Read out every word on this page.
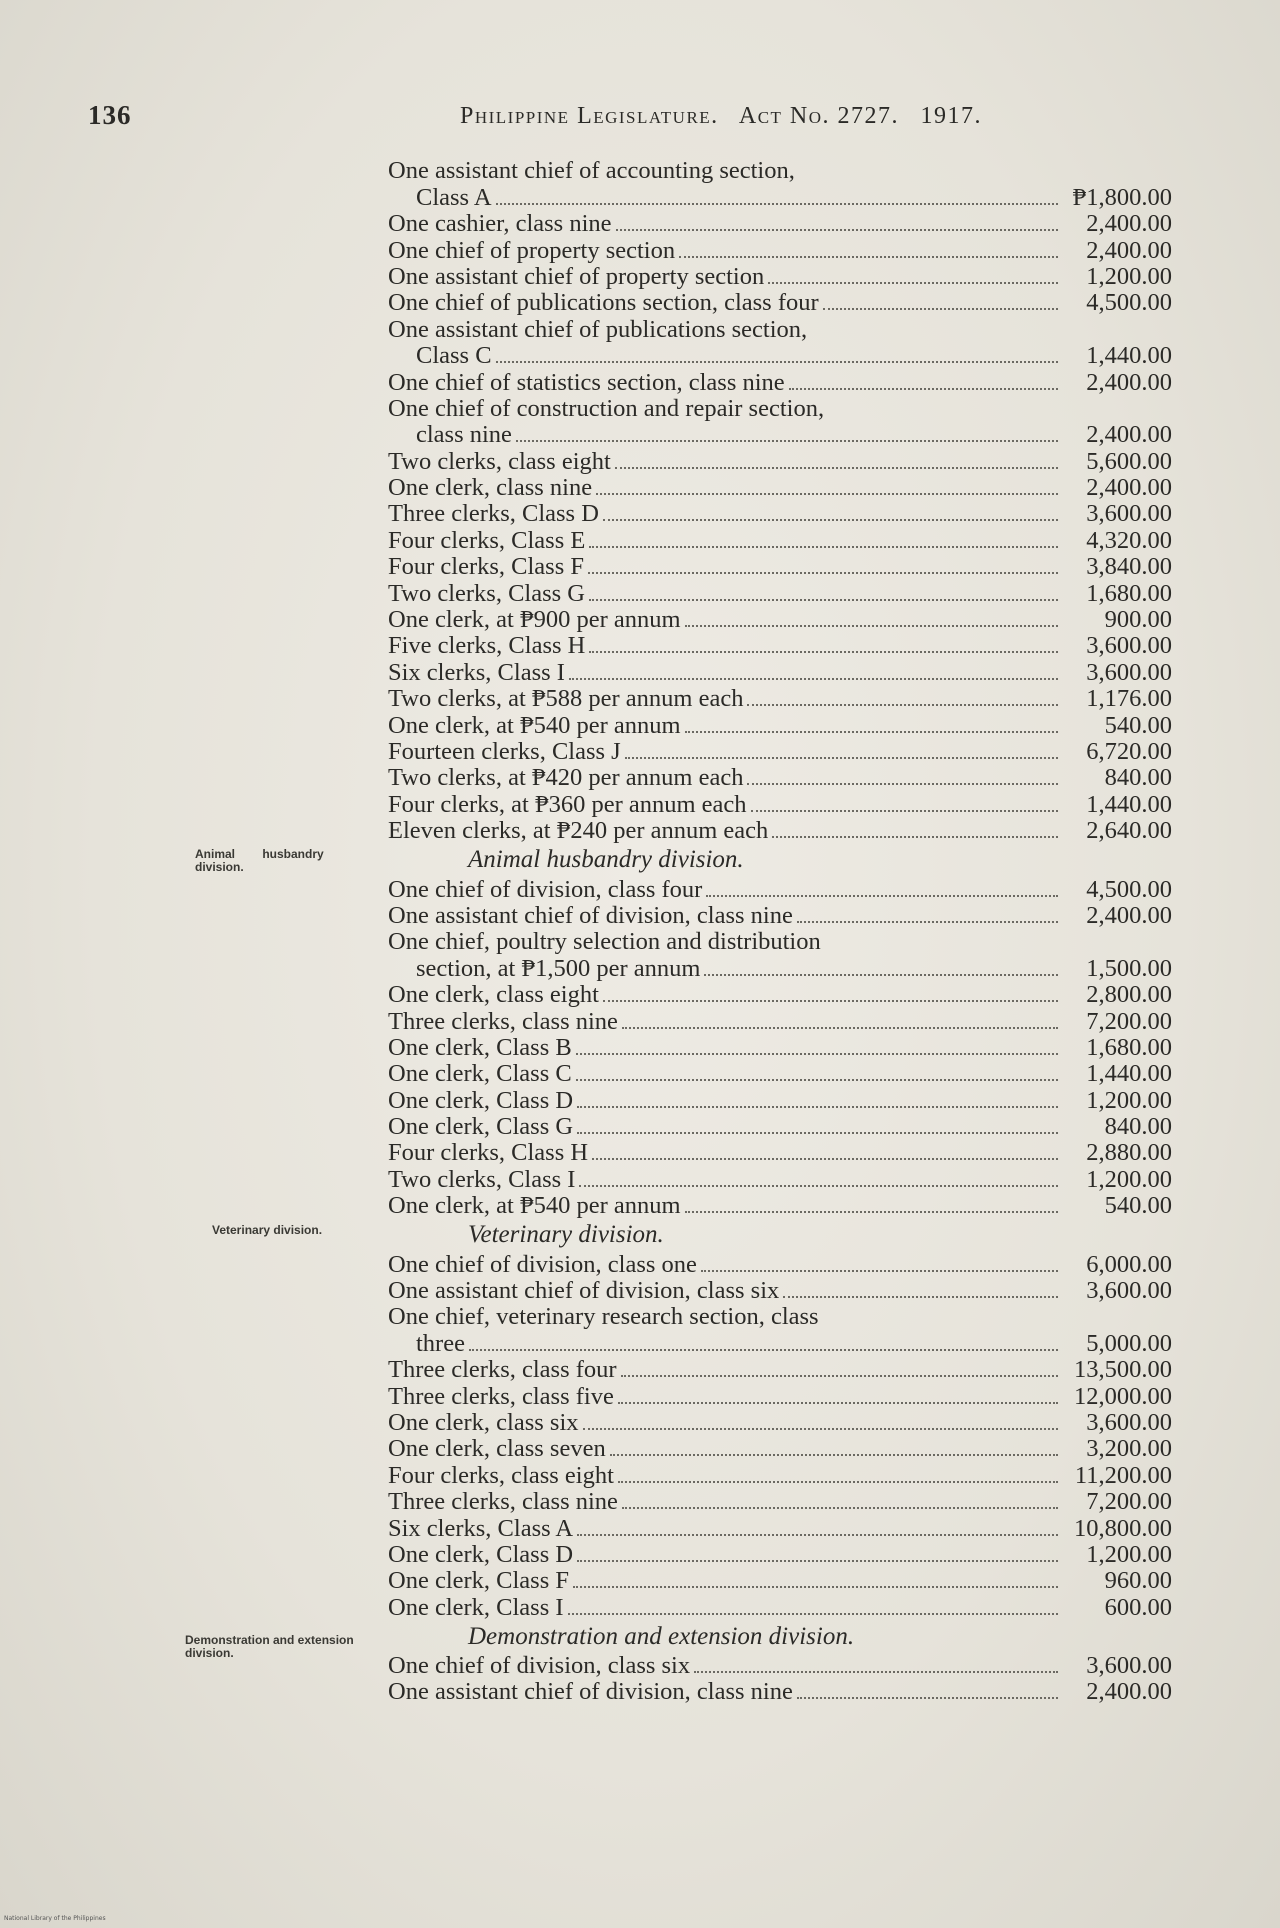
136	Philippine Legislature. Act No. 2727. 1917.
Animal husbandry division.
Veterinary division.
Demonstration and extension division.
One assistant chief of accounting section,
Class A	₱1,800.00
One cashier, class nine	2,400.00
One chief of property section	2,400.00
One assistant chief of property section	1,200.00
One chief of publications section, class four	4,500.00
One assistant chief of publications section,
Class C	1,440.00
One chief of statistics section, class nine	2,400.00
One chief of construction and repair section,
class nine	2,400.00
Two clerks, class eight	5,600.00
One clerk, class nine	2,400.00
Three clerks, Class D	3,600.00
Four clerks, Class E	4,320.00
Four clerks, Class F	3,840.00
Two clerks, Class G	1,680.00
One clerk, at ₱900 per annum	900.00
Five clerks, Class H	3,600.00
Six clerks, Class I	3,600.00
Two clerks, at ₱588 per annum each	1,176.00
One clerk, at ₱540 per annum	540.00
Fourteen clerks, Class J	6,720.00
Two clerks, at ₱420 per annum each	840.00
Four clerks, at ₱360 per annum each	1,440.00
Eleven clerks, at ₱240 per annum each	2,640.00
Animal husbandry division.
One chief of division, class four	4,500.00
One assistant chief of division, class nine	2,400.00
One chief, poultry selection and distribution
section, at ₱1,500 per annum	1,500.00
One clerk, class eight	2,800.00
Three clerks, class nine	7,200.00
One clerk, Class B	1,680.00
One clerk, Class C	1,440.00
One clerk, Class D	1,200.00
One clerk, Class G	840.00
Four clerks, Class H	2,880.00
Two clerks, Class I	1,200.00
One clerk, at ₱540 per annum	540.00
Veterinary division.
One chief of division, class one	6,000.00
One assistant chief of division, class six	3,600.00
One chief, veterinary research section, class
three	5,000.00
Three clerks, class four	13,500.00
Three clerks, class five	12,000.00
One clerk, class six	3,600.00
One clerk, class seven	3,200.00
Four clerks, class eight	11,200.00
Three clerks, class nine	7,200.00
Six clerks, Class A	10,800.00
One clerk, Class D	1,200.00
One clerk, Class F	960.00
One clerk, Class I	600.00
Demonstration and extension division.
One chief of division, class six	3,600.00
One assistant chief of division, class nine	2,400.00
National Library of the Philippines
